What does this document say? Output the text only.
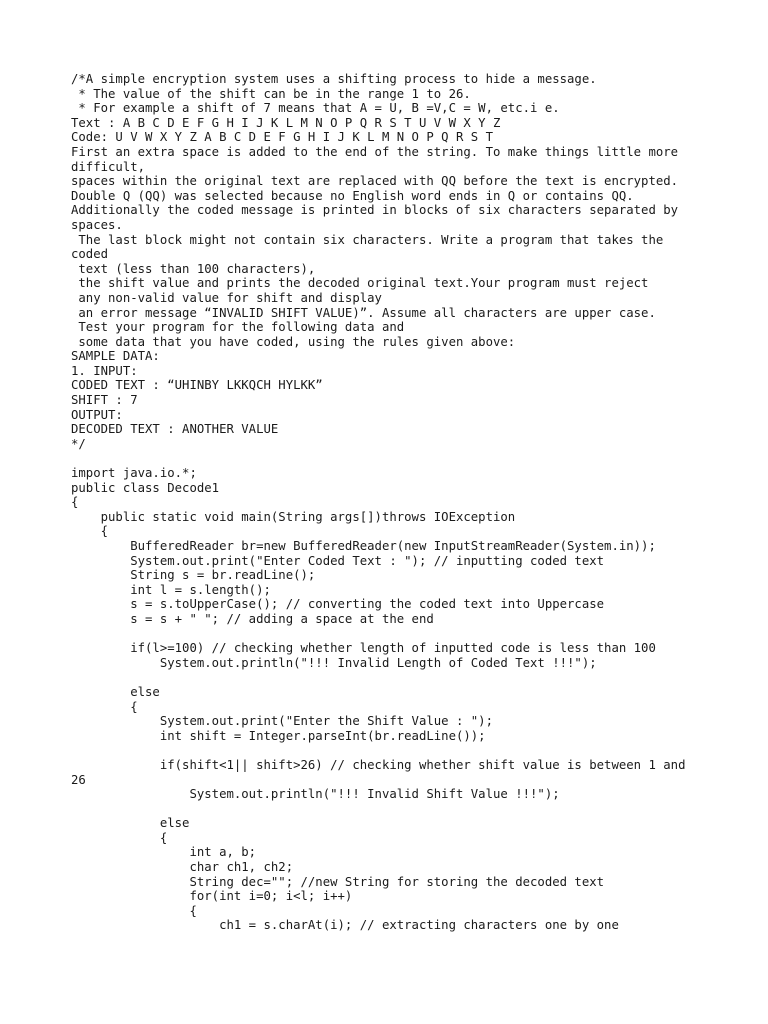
/*A simple encryption system uses a shifting process to hide a message.
* The value of the shift can be in the range 1 to 26.
* For example a shift of 7 means that A = U, B =V,C = W, etc.i e.
Text : A B C D E F G H I J K L M N O P Q R S T U V W X Y Z
Code: U V W X Y Z A B C D E F G H I J K L M N O P Q R S T
First an extra space is added to the end of the string. To make things little more
difficult,
spaces within the original text are replaced with QQ before the text is encrypted.
Double Q (QQ) was selected because no English word ends in Q or contains QQ.
Additionally the coded message is printed in blocks of six characters separated by
spaces.
The last block might not contain six characters. Write a program that takes the
coded
text (less than 100 characters),
the shift value and prints the decoded original text.Your program must reject
any non-valid value for shift and display
an error message “INVALID SHIFT VALUE)”. Assume all characters are upper case.
Test your program for the following data and
some data that you have coded, using the rules given above:
SAMPLE DATA:
1. INPUT:
CODED TEXT : “UHINBY LKKQCH HYLKK”
SHIFT : 7
OUTPUT:
DECODED TEXT : ANOTHER VALUE
*/
import java.io.*;
public class Decode1
{
public static void main(String args[])throws IOException
{
BufferedReader br=new BufferedReader(new InputStreamReader(System.in));
System.out.print("Enter Coded Text : "); // inputting coded text
String s = br.readLine();
int l = s.length();
s = s.toUpperCase(); // converting the coded text into Uppercase
s = s + " "; // adding a space at the end
if(l>=100) // checking whether length of inputted code is less than 100
System.out.println("!!! Invalid Length of Coded Text !!!");
else
{
System.out.print("Enter the Shift Value : ");
int shift = Integer.parseInt(br.readLine());
if(shift<1|| shift>26) // checking whether shift value is between 1 and
26
System.out.println("!!! Invalid Shift Value !!!");
else
{
int a, b;
char ch1, ch2;
String dec=""; //new String for storing the decoded text
for(int i=0; i<l; i++)
{
ch1 = s.charAt(i); // extracting characters one by one
